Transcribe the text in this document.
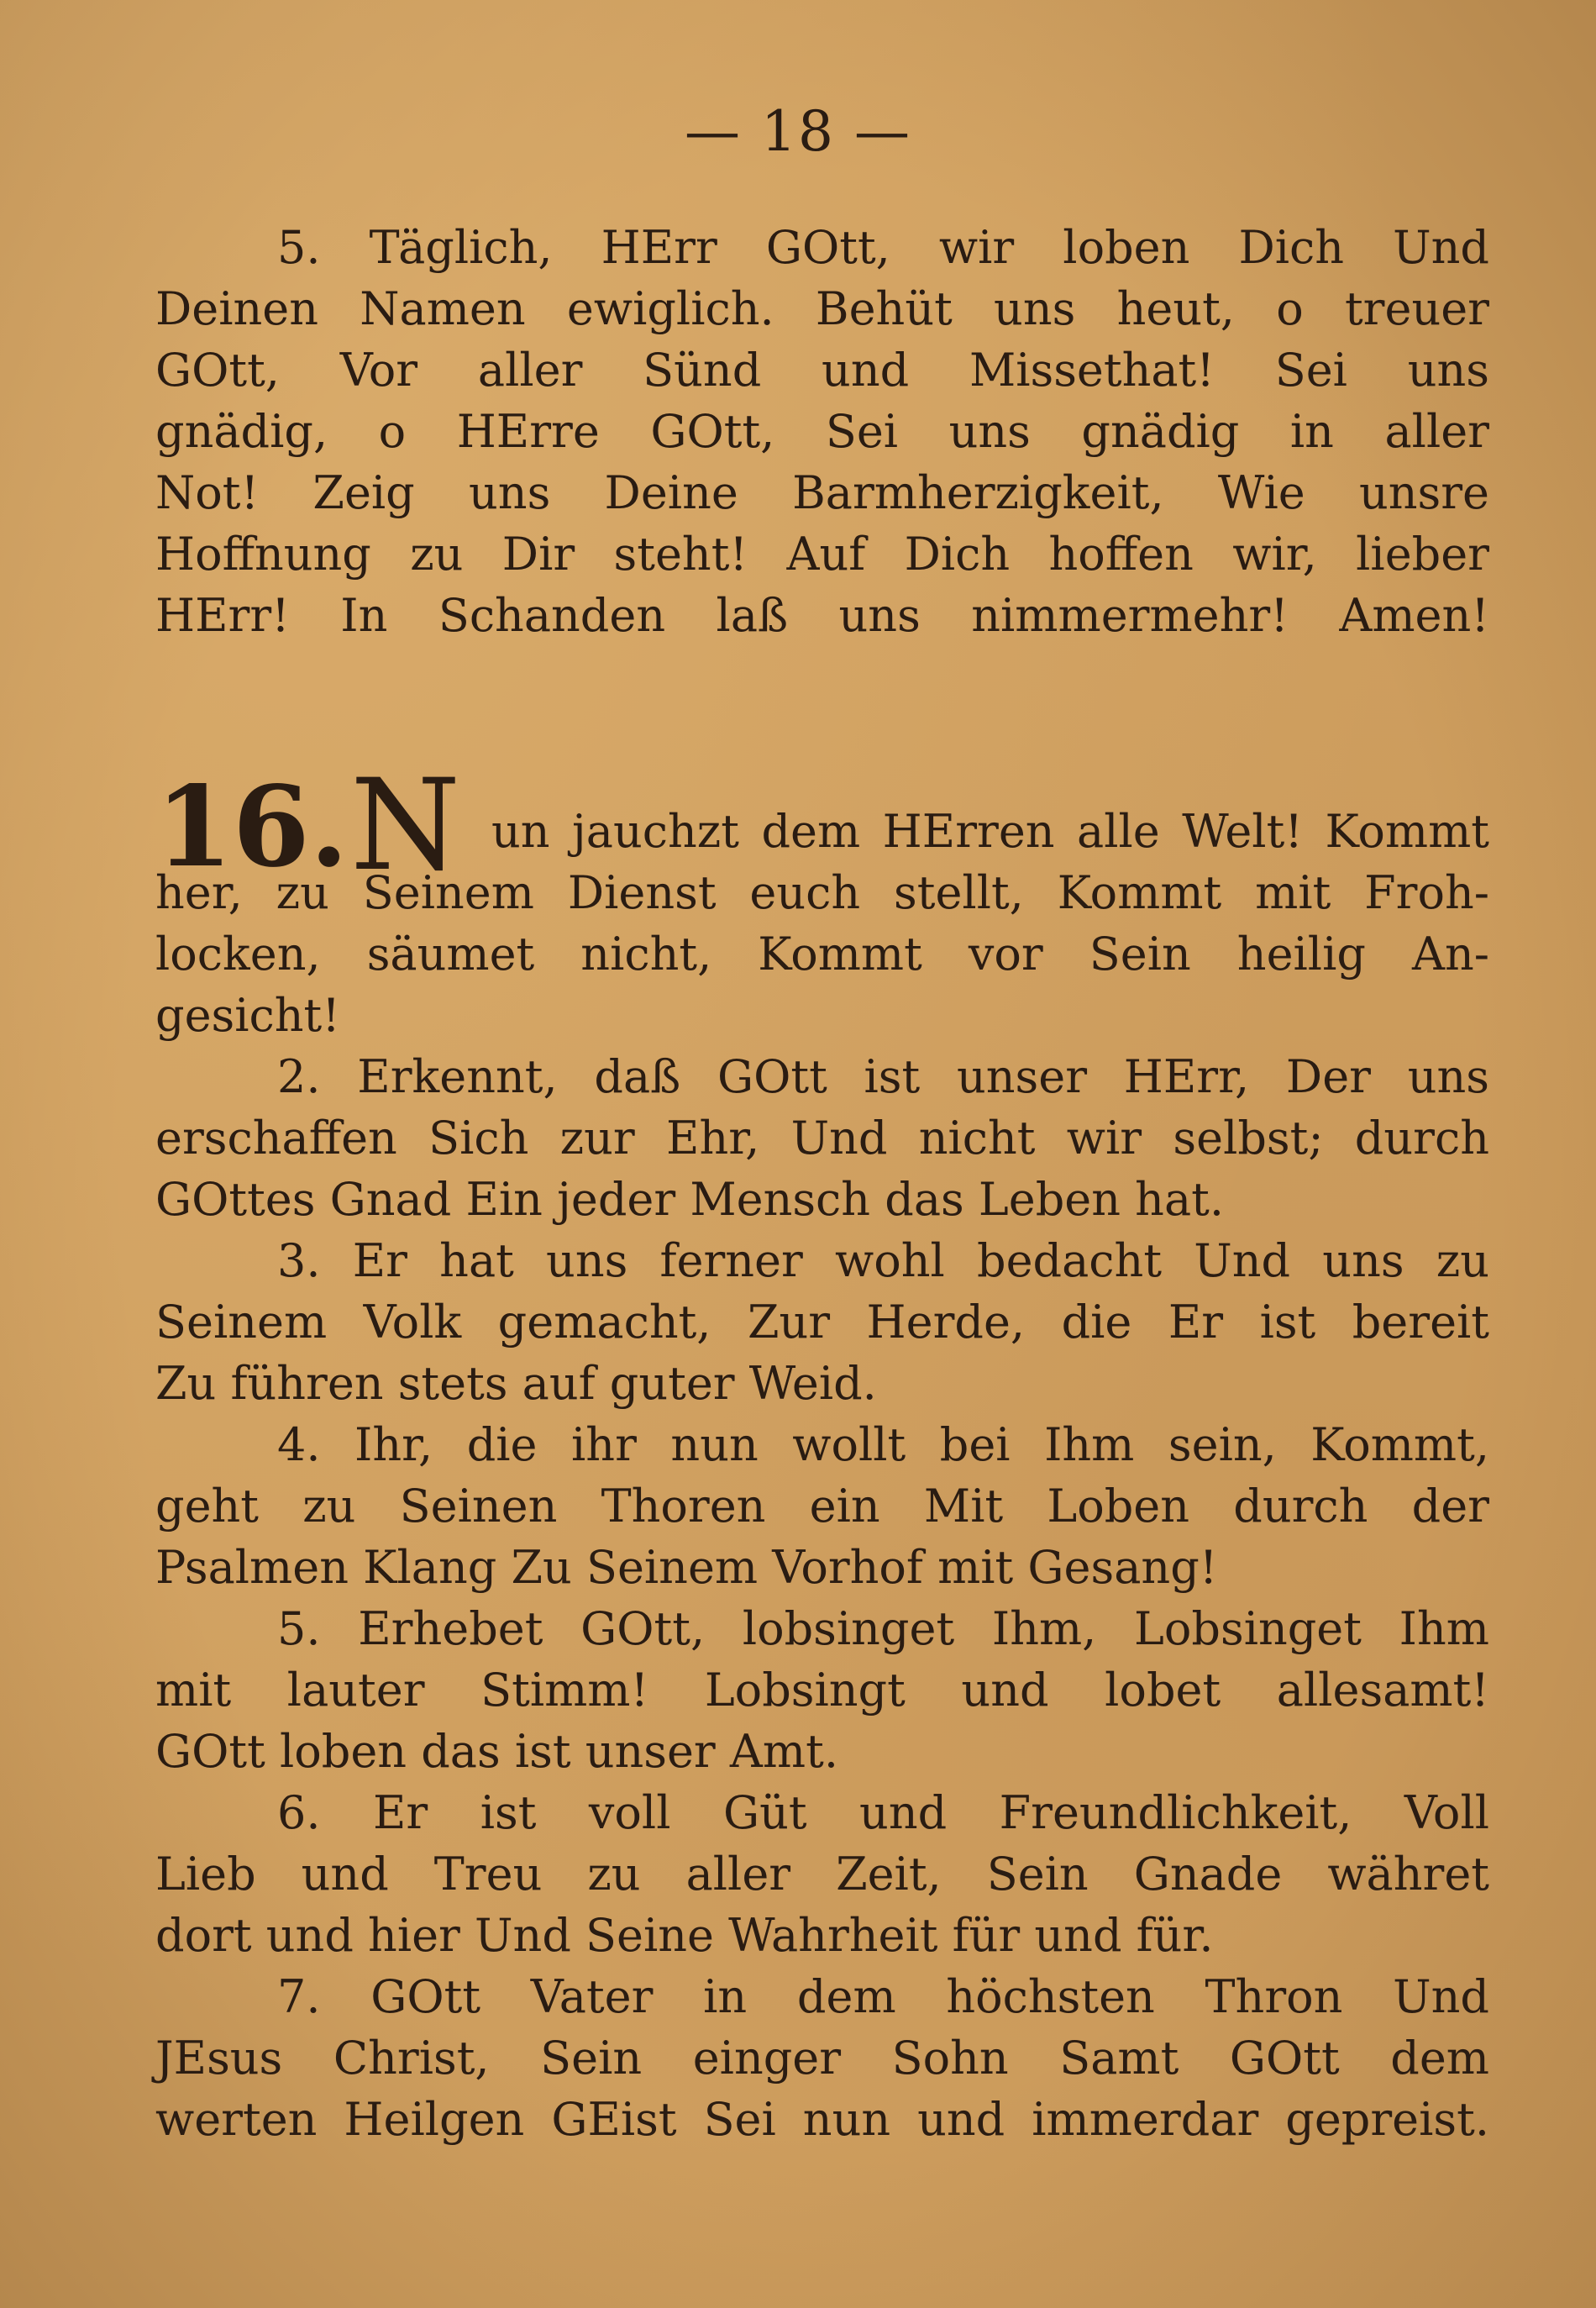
— 18 —
5. Täglich, HErr GOtt, wir loben Dich Und
Deinen Namen ewiglich. Behüt uns heut, o treuer
GOtt, Vor aller Sünd und Missethat! Sei uns
gnädig, o HErre GOtt, Sei uns gnädig in aller
Not! Zeig uns Deine Barmherzigkeit, Wie unsre
Hoffnung zu Dir steht! Auf Dich hoffen wir, lieber
HErr! In Schanden laß uns nimmermehr! Amen!
16. N un jauchzt dem HErren alle Welt! Kommt
her, zu Seinem Dienst euch stellt, Kommt mit Froh-
locken, säumet nicht, Kommt vor Sein heilig An-
gesicht!
2. Erkennt, daß GOtt ist unser HErr, Der uns
erschaffen Sich zur Ehr, Und nicht wir selbst; durch
GOttes Gnad Ein jeder Mensch das Leben hat.
3. Er hat uns ferner wohl bedacht Und uns zu
Seinem Volk gemacht, Zur Herde, die Er ist bereit
Zu führen stets auf guter Weid.
4. Ihr, die ihr nun wollt bei Ihm sein, Kommt,
geht zu Seinen Thoren ein Mit Loben durch der
Psalmen Klang Zu Seinem Vorhof mit Gesang!
5. Erhebet GOtt, lobsinget Ihm, Lobsinget Ihm
mit lauter Stimm! Lobsingt und lobet allesamt!
GOtt loben das ist unser Amt.
6. Er ist voll Güt und Freundlichkeit, Voll
Lieb und Treu zu aller Zeit, Sein Gnade währet
dort und hier Und Seine Wahrheit für und für.
7. GOtt Vater in dem höchsten Thron Und
JEsus Christ, Sein einger Sohn Samt GOtt dem
werten Heilgen GEist Sei nun und immerdar gepreist.
